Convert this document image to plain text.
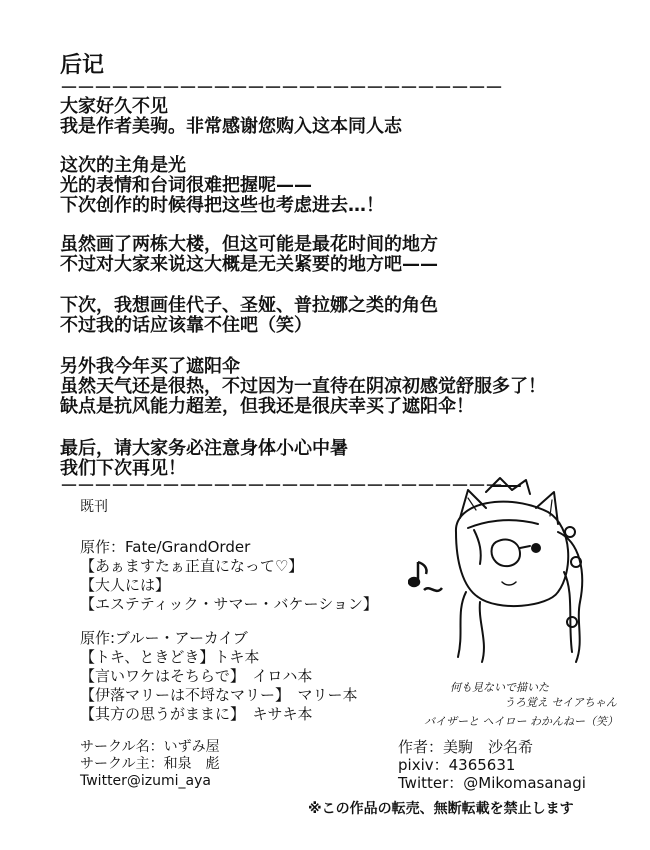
后记
－－－－－－－－－－－－－－－－－－－－－－－－－－
大家好久不见
我是作者美驹。非常感谢您购入这本同人志
这次的主角是光
光的表情和台词很难把握呢——
下次创作的时候得把这些也考虑进去…！
虽然画了两栋大楼，但这可能是最花时间的地方
不过对大家来说这大概是无关紧要的地方吧——
下次，我想画佳代子、圣娅、普拉娜之类的角色
不过我的话应该靠不住吧（笑）
另外我今年买了遮阳伞
虽然天气还是很热，不过因为一直待在阴凉初感觉舒服多了！
缺点是抗风能力超差，但我还是很庆幸买了遮阳伞！
最后，请大家务必注意身体小心中暑
我们下次再见！
－－－－－－－－－－－－－－－－－－－－－－－－－－
既刊
原作：Fate/GrandOrder
【あぁますたぁ正直になって♡】
【大人には】
【エステティック・サマー・バケーション】
原作:ブルー・アーカイブ
【トキ、ときどき】トキ本
【言いワケはそちらで】　イロハ本
【伊落マリーは不埒なマリー】　マリー本
【其方の思うがままに】　キサキ本
サークル名：いずみ屋
サークル主：和泉　彪
Twitter@izumi_aya
作者：美駒　沙名希
pixiv：4365631
Twitter：@Mikomasanagi
何も見ないで描いた
うろ覚え セイアちゃん
バイザーと ヘイロー わかんねー（笑）
※この作品の転売、無断転載を禁止します
